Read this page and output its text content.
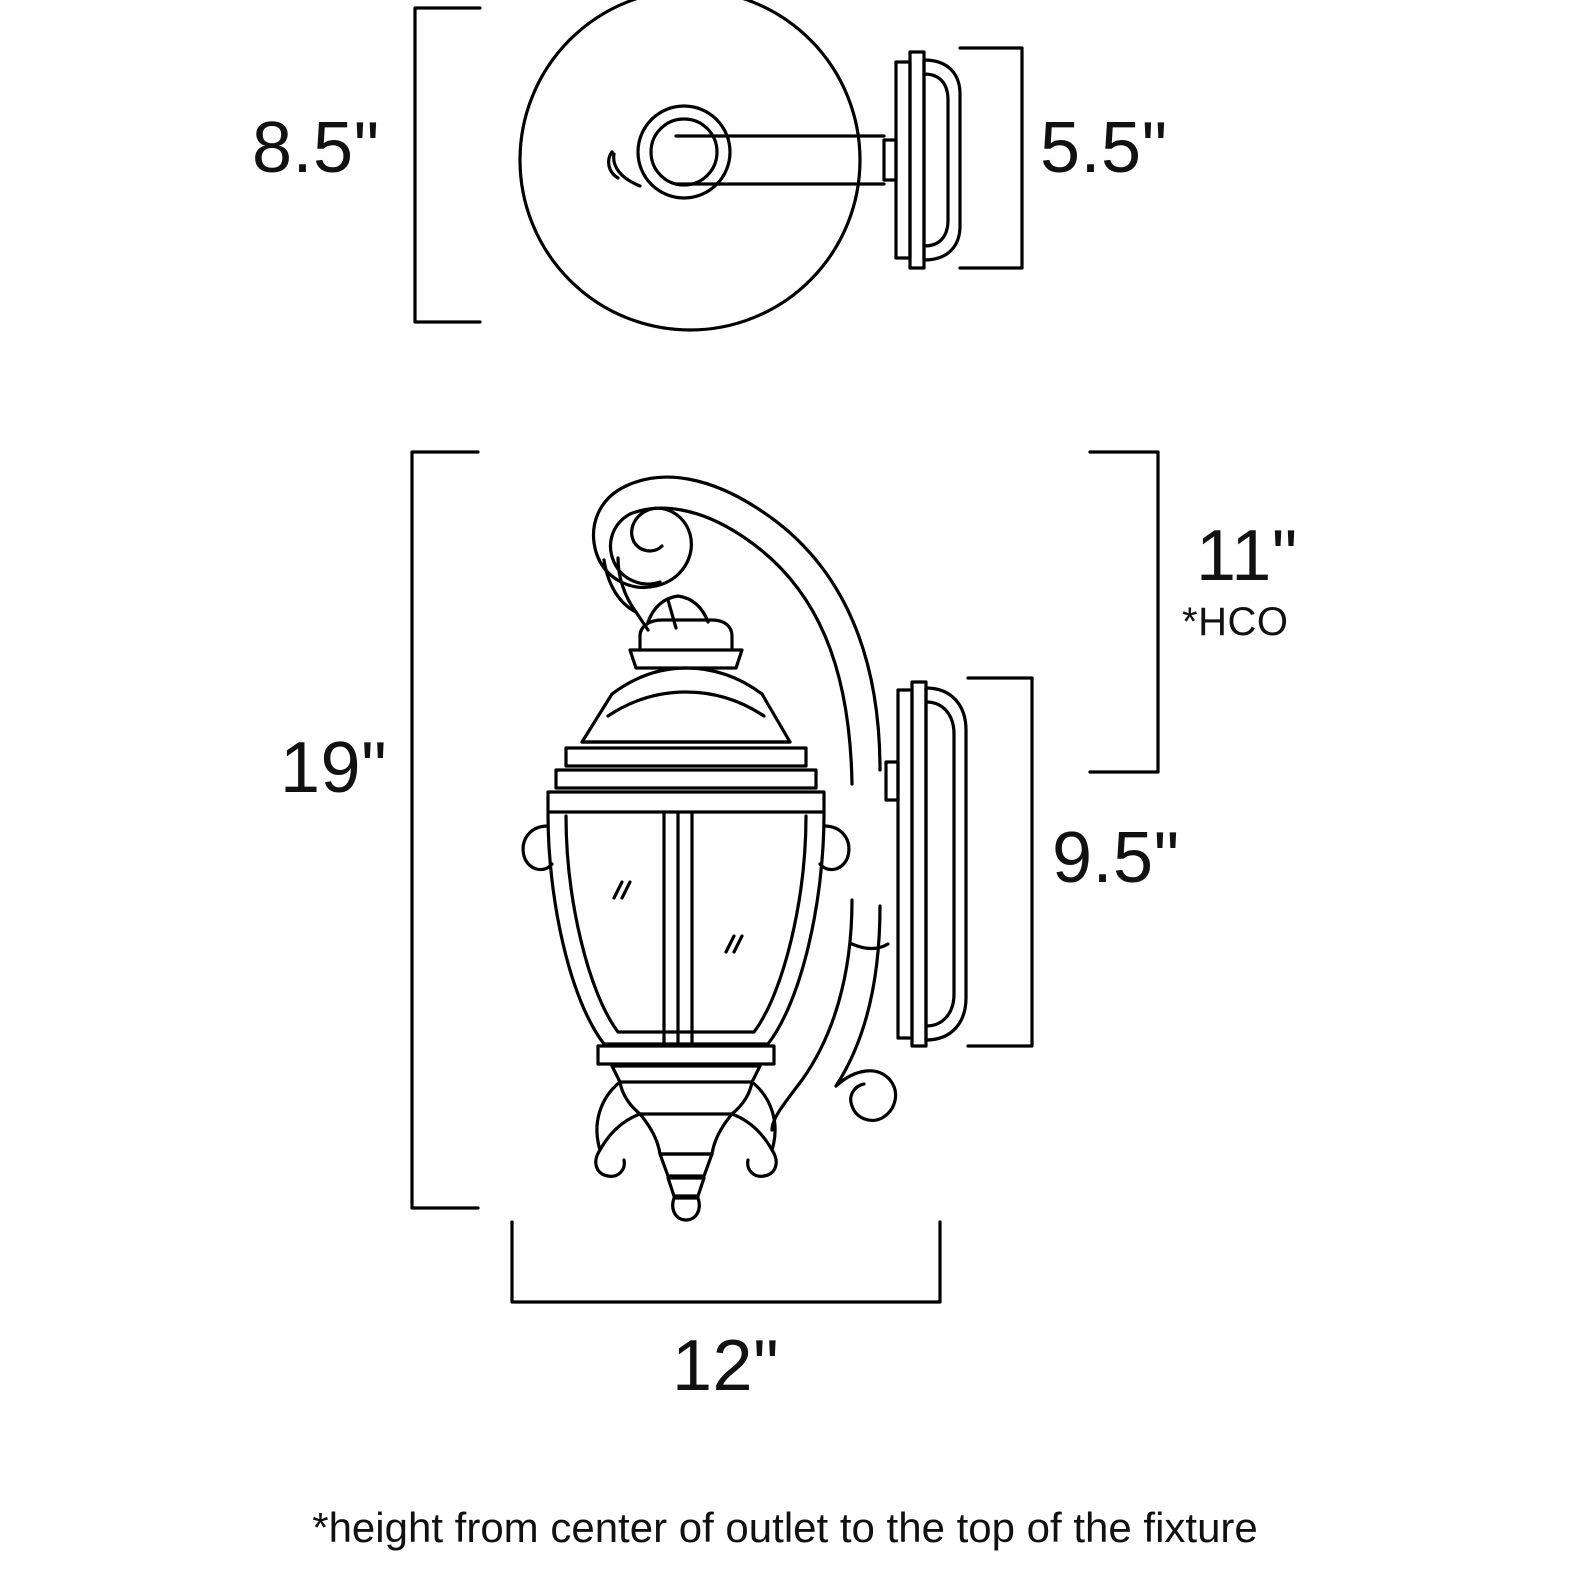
8.5"	5.5"
19"
11"
*HCO
9.5"
12"
*height from center of outlet to the top of the fixture
